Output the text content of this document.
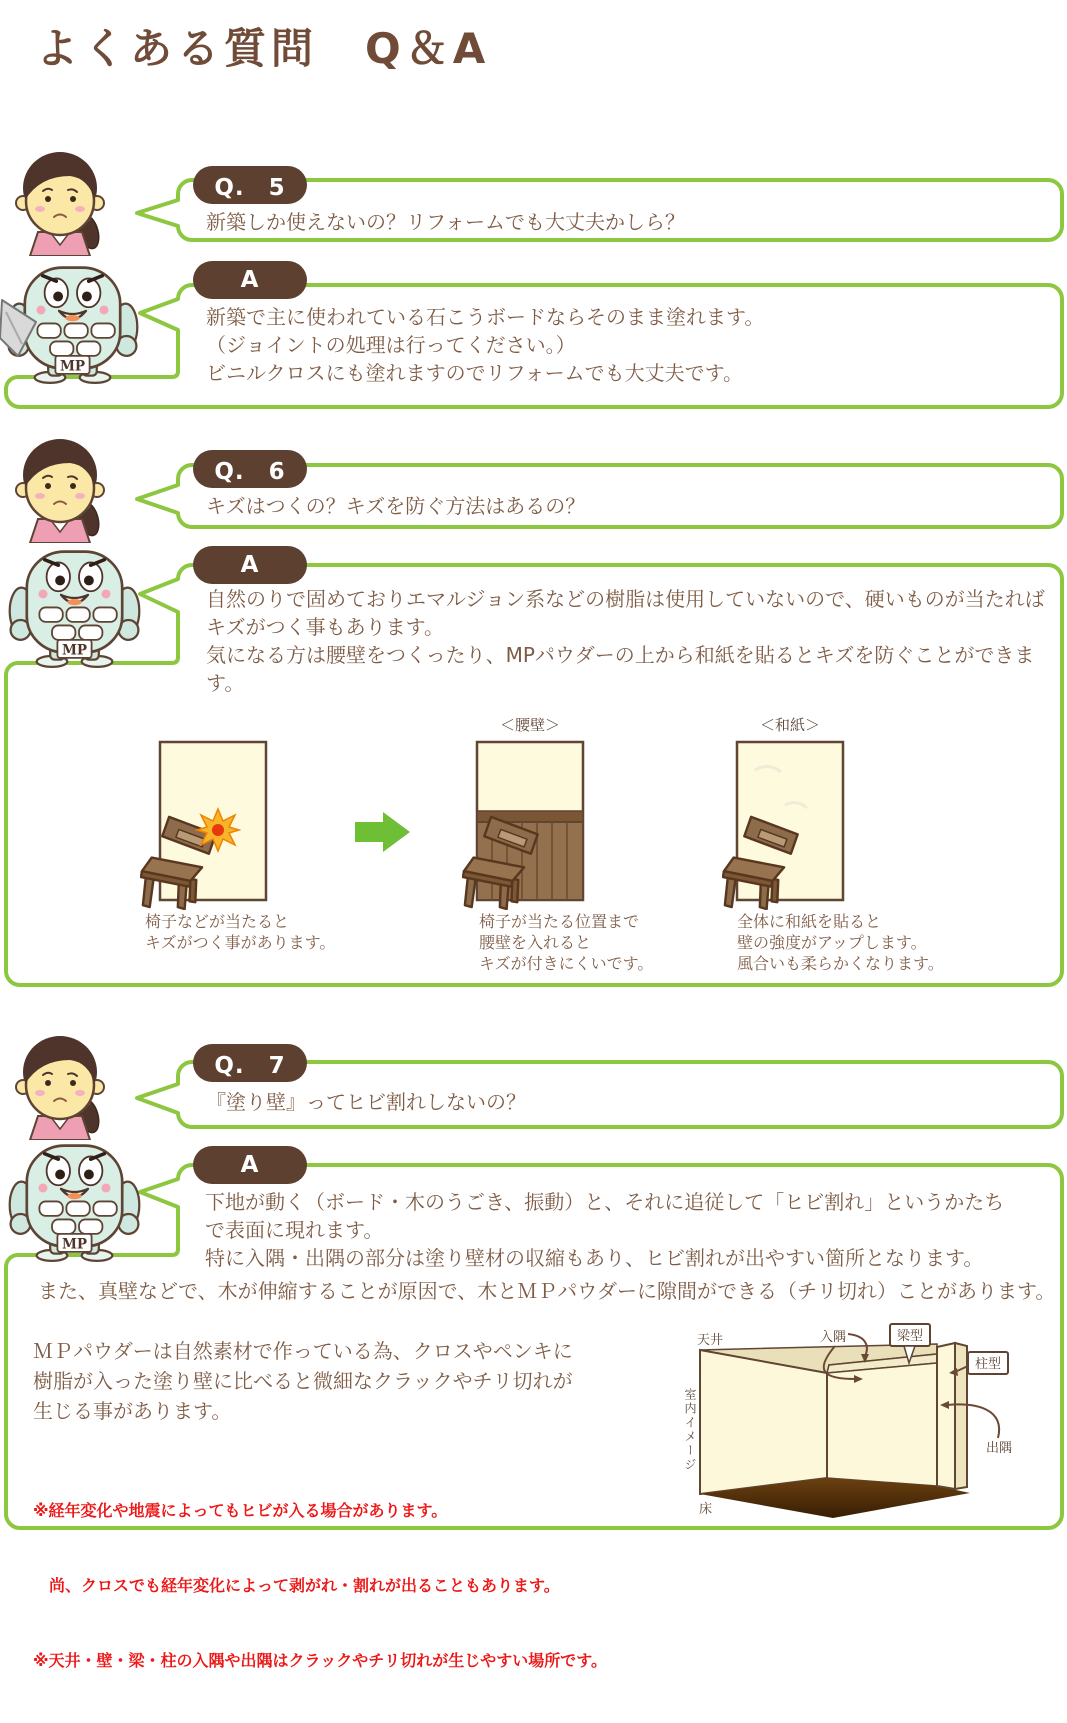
よくある質問　Q＆A
Q.　5
新築しか使えないの？リフォームでも大丈夫かしら？
A
新築で主に使われている石こうボードならそのまま塗れます。
（ジョイントの処理は行ってください。）
ビニルクロスにも塗れますのでリフォームでも大丈夫です。
Q.　6
キズはつくの？キズを防ぐ方法はあるの？
A
自然のりで固めておりエマルジョン系などの樹脂は使用していないので、硬いものが当たれば
キズがつく事もあります。
気になる方は腰壁をつくったり、MPパウダーの上から和紙を貼るとキズを防ぐことができま
す。
＜腰壁＞	＜和紙＞
椅子などが当たると
キズがつく事があります。
椅子が当たる位置まで
腰壁を入れると
キズが付きにくいです。
全体に和紙を貼ると
壁の強度がアップします。
風合いも柔らかくなります。
Q.　7
『塗り壁』ってヒビ割れしないの？
A
下地が動く（ボード・木のうごき、振動）と、それに追従して「ヒビ割れ」というかたち
で表面に現れます。
特に入隅・出隅の部分は塗り壁材の収縮もあり、ヒビ割れが出やすい箇所となります。
また、真壁などで、木が伸縮することが原因で、木とＭＰパウダーに隙間ができる（チリ切れ）ことがあります。
ＭＰパウダーは自然素材で作っている為、クロスやペンキに
樹脂が入った塗り壁に比べると微細なクラックやチリ切れが
生じる事があります。

※経年変化や地震によってもヒビが入る場合があります。

　尚、クロスでも経年変化によって剥がれ・割れが出ることもあります。

※天井・壁・梁・柱の入隅や出隅はクラックやチリ切れが生じやすい場所です。

室内イメージ
梁型
柱型
天井	入隅
出隅
床
